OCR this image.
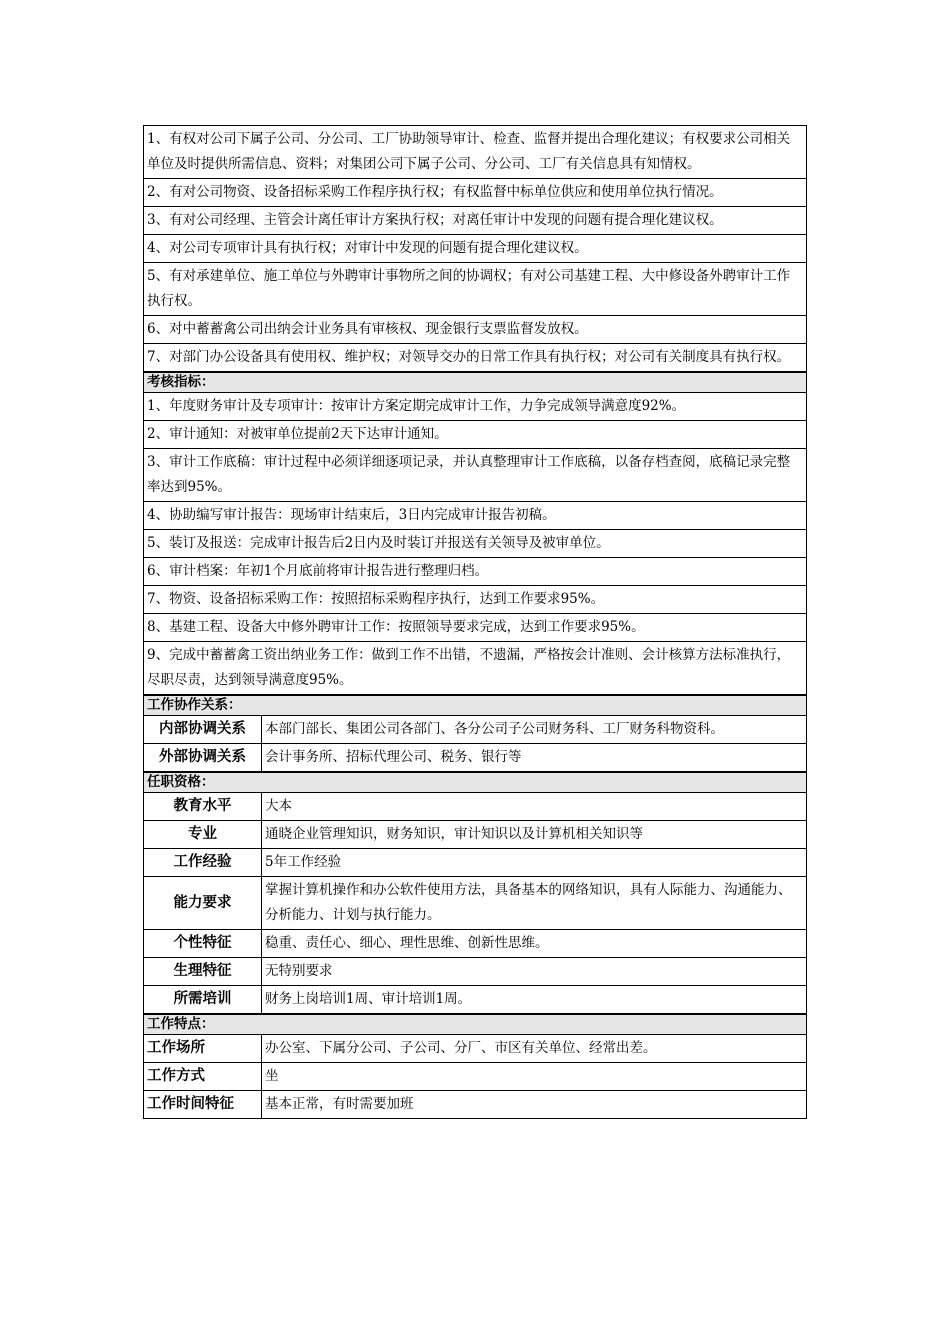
1、有权对公司下属子公司、分公司、工厂协助领导审计、检查、监督并提出合理化建议；有权要求公司相关单位及时提供所需信息、资料；对集团公司下属子公司、分公司、工厂有关信息具有知情权。	
2、有对公司物资、设备招标采购工作程序执行权；有权监督中标单位供应和使用单位执行情况。	
3、有对公司经理、主管会计离任审计方案执行权；对离任审计中发现的问题有提合理化建议权。	
4、对公司专项审计具有执行权；对审计中发现的问题有提合理化建议权。	
5、有对承建单位、施工单位与外聘审计事物所之间的协调权；有对公司基建工程、大中修设备外聘审计工作执行权。	
6、对中蓄蓄禽公司出纳会计业务具有审核权、现金银行支票监督发放权。	
7、对部门办公设备具有使用权、维护权；对领导交办的日常工作具有执行权；对公司有关制度具有执行权。	
考核指标：	
1、年度财务审计及专项审计：按审计方案定期完成审计工作，力争完成领导满意度92%。	
2、审计通知：对被审单位提前2天下达审计通知。	
3、审计工作底稿：审计过程中必须详细逐项记录，并认真整理审计工作底稿，以备存档查阅，底稿记录完整率达到95%。	
4、协助编写审计报告：现场审计结束后，3日内完成审计报告初稿。	
5、装订及报送：完成审计报告后2日内及时装订并报送有关领导及被审单位。	
6、审计档案：年初1个月底前将审计报告进行整理归档。	
7、物资、设备招标采购工作：按照招标采购程序执行，达到工作要求95%。	
8、基建工程、设备大中修外聘审计工作：按照领导要求完成，达到工作要求95%。	
9、完成中蓄蓄禽工资出纳业务工作：做到工作不出错，不遗漏，严格按会计准则、会计核算方法标准执行，尽职尽责，达到领导满意度95%。	
工作协作关系：	
内部协调关系	本部门部长、集团公司各部门、各分公司子公司财务科、工厂财务科物资科。
外部协调关系	会计事务所、招标代理公司、税务、银行等
任职资格：	
教育水平	大本
专业	通晓企业管理知识，财务知识，审计知识以及计算机相关知识等
工作经验	5年工作经验
能力要求	掌握计算机操作和办公软件使用方法，具备基本的网络知识，具有人际能力、沟通能力、分析能力、计划与执行能力。
个性特征	稳重、责任心、细心、理性思维、创新性思维。
生理特征	无特别要求
所需培训	财务上岗培训1周、审计培训1周。
工作特点：	
工作场所	办公室、下属分公司、子公司、分厂、市区有关单位、经常出差。
工作方式	坐
工作时间特征	基本正常，有时需要加班
